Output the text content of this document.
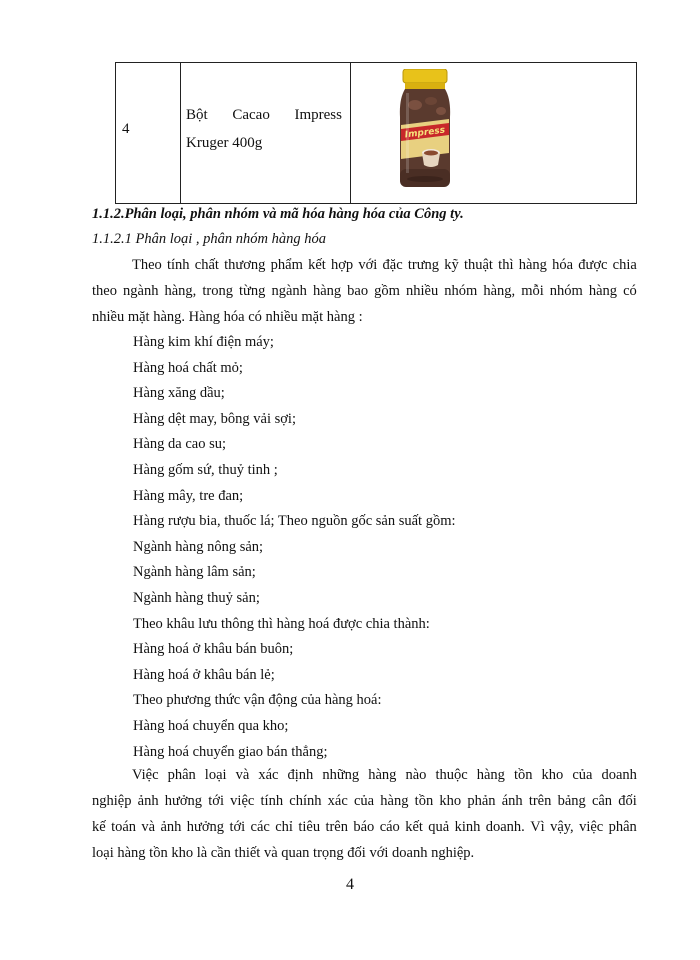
4
Bột Cacao Impress
Kruger 400g
Impress
1.1.2.Phân loại, phân nhóm và mã hóa hàng hóa của Công ty.
1.1.2.1 Phân loại , phân nhóm hàng hóa
Theo tính chất thương phẩm kết hợp với đặc trưng kỹ thuật thì hàng hóa được chia
theo ngành hàng, trong từng ngành hàng bao gồm nhiều nhóm hàng, mỗi nhóm hàng có
nhiều mặt hàng. Hàng hóa có nhiều mặt hàng :
Hàng kim khí điện máy;
Hàng hoá chất mỏ;
Hàng xăng dầu;
Hàng dệt may, bông vải sợi;
Hàng da cao su;
Hàng gốm sứ, thuỷ tinh ;
Hàng mây, tre đan;
Hàng rượu bia, thuốc lá; Theo nguồn gốc sản suất gồm:
Ngành hàng nông sản;
Ngành hàng lâm sản;
Ngành hàng thuỷ sản;
Theo khâu lưu thông thì hàng hoá được chia thành:
Hàng hoá ở khâu bán buôn;
Hàng hoá ở khâu bán lẻ;
Theo phương thức vận động của hàng hoá:
Hàng hoá chuyển qua kho;
Hàng hoá chuyển giao bán thẳng;
Việc phân loại và xác định những hàng nào thuộc hàng tồn kho của doanh
nghiệp ảnh hưởng tới việc tính chính xác của hàng tồn kho phản ánh trên bảng cân đối
kế toán và ảnh hưởng tới các chỉ tiêu trên báo cáo kết quả kinh doanh. Vì vậy, việc phân
loại hàng tồn kho là cần thiết và quan trọng đối với doanh nghiệp.
4
